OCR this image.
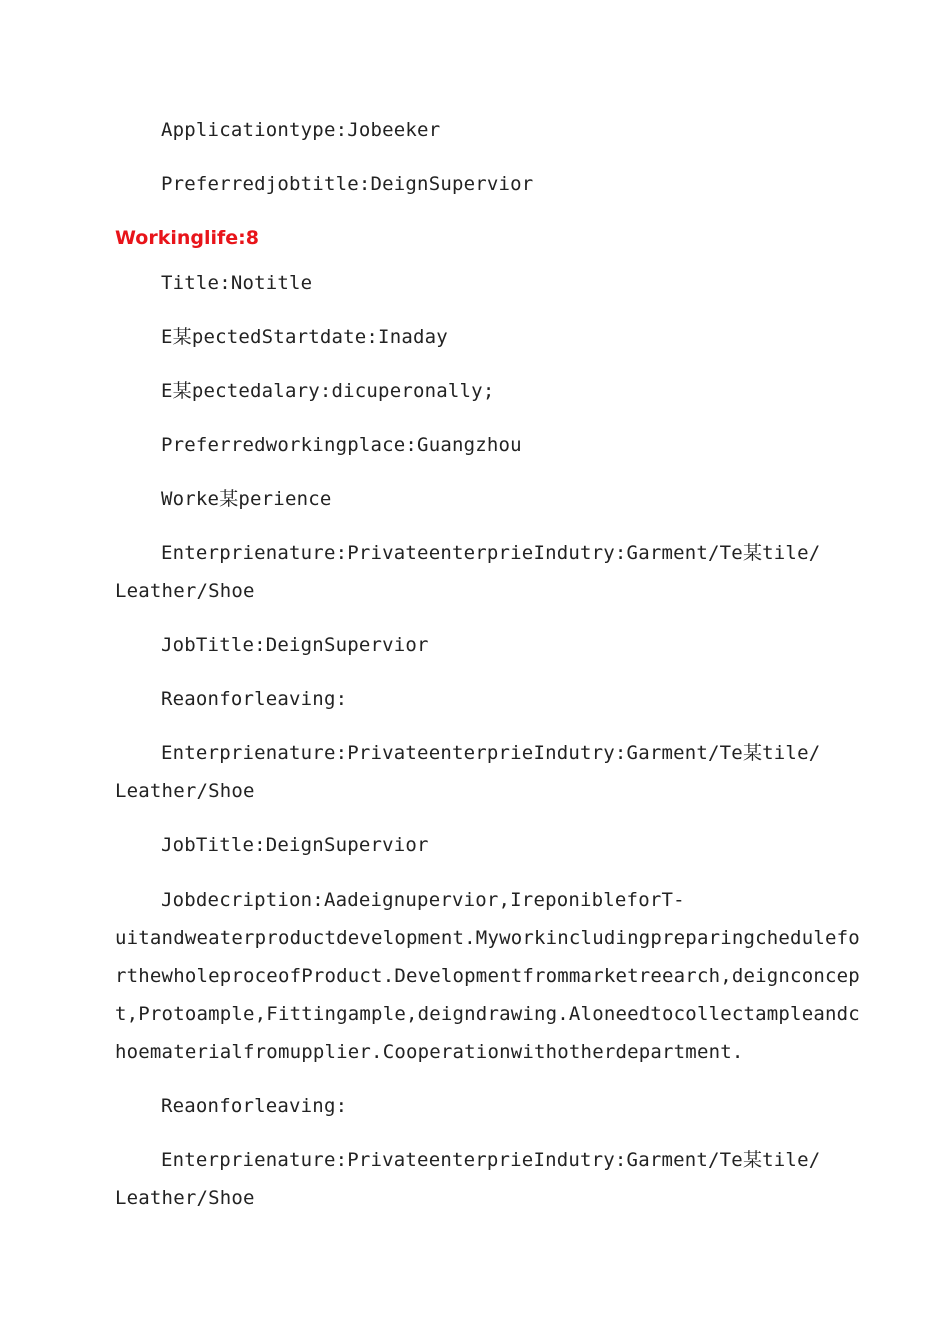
Applicationtype:Jobeeker
Preferredjobtitle:DeignSupervior
Workinglife:8
Title:Notitle
E某pectedStartdate:Inaday
E某pectedalary:dicuperonally;
Preferredworkingplace:Guangzhou
Worke某perience
Enterprienature:PrivateenterprieIndutry:Garment/Te某tile/
Leather/Shoe
JobTitle:DeignSupervior
Reaonforleaving:
Enterprienature:PrivateenterprieIndutry:Garment/Te某tile/
Leather/Shoe
JobTitle:DeignSupervior
Jobdecription:Aadeignupervior,IreponibleforT-
uitandweaterproductdevelopment.Myworkincludingpreparingchedulefo
rthewholeproceofProduct.Developmentfrommarketreearch,deignconcep
t,Protoample,Fittingample,deigndrawing.Aloneedtocollectampleandc
hoematerialfromupplier.Cooperationwithotherdepartment.
Reaonforleaving:
Enterprienature:PrivateenterprieIndutry:Garment/Te某tile/
Leather/Shoe
